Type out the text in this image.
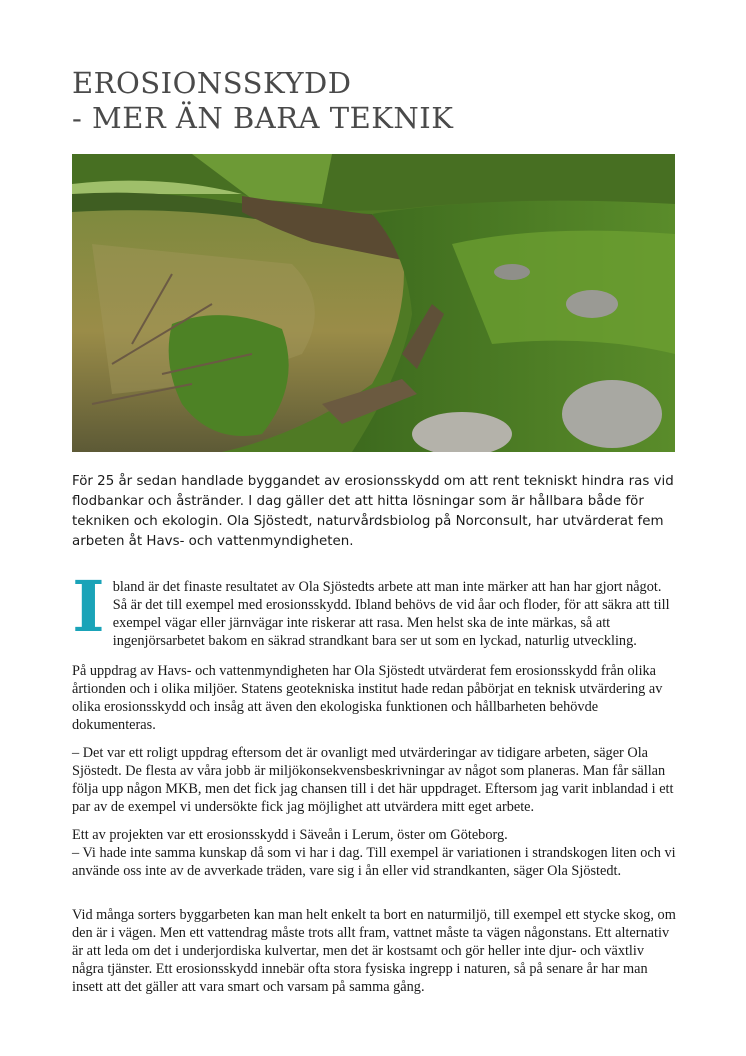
EROSIONSSKYDD
- MER ÄN BARA TEKNIK

För 25 år sedan handlade byggandet av erosionsskydd om att rent tekniskt hindra ras vid flodbankar och åstränder. I dag gäller det att hitta lösningar som är hållbara både för tekniken och ekologin. Ola Sjöstedt, naturvårdsbiolog på Norconsult, har utvärderat fem arbeten åt Havs- och vattenmyndigheten.

Ibland är det finaste resultatet av Ola Sjöstedts arbete att man inte märker att han har gjort något. Så är det till exempel med erosionsskydd. Ibland behövs de vid åar och floder, för att säkra att till exempel vägar eller järnvägar inte riskerar att rasa. Men helst ska de inte märkas, så att ingenjörsarbetet bakom en säkrad strandkant bara ser ut som en lyckad, naturlig utveckling.

På uppdrag av Havs- och vattenmyndigheten har Ola Sjöstedt utvärderat fem erosionsskydd från olika årtionden och i olika miljöer. Statens geotekniska institut hade redan påbörjat en teknisk utvärdering av olika erosionsskydd och insåg att även den ekologiska funktionen och hållbarheten behövde dokumenteras.

– Det var ett roligt uppdrag eftersom det är ovanligt med utvärderingar av tidigare arbeten, säger Ola Sjöstedt. De flesta av våra jobb är miljökonsekvensbeskrivningar av något som planeras. Man får sällan följa upp någon MKB, men det fick jag chansen till i det här uppdraget. Eftersom jag varit inblandad i ett par av de exempel vi undersökte fick jag möjlighet att utvärdera mitt eget arbete.

Ett av projekten var ett erosionsskydd i Säveån i Lerum, öster om Göteborg.
– Vi hade inte samma kunskap då som vi har i dag. Till exempel är variationen i strandskogen liten och vi använde oss inte av de avverkade träden, vare sig i ån eller vid strandkanten, säger Ola Sjöstedt.

Vid många sorters byggarbeten kan man helt enkelt ta bort en naturmiljö, till exempel ett stycke skog, om den är i vägen. Men ett vattendrag måste trots allt fram, vattnet måste ta vägen någonstans. Ett alternativ är att leda om det i underjordiska kulvertar, men det är kostsamt och gör heller inte djur- och växtliv några tjänster. Ett erosionsskydd innebär ofta stora fysiska ingrepp i naturen, så på senare år har man insett att det gäller att vara smart och varsam på samma gång.
